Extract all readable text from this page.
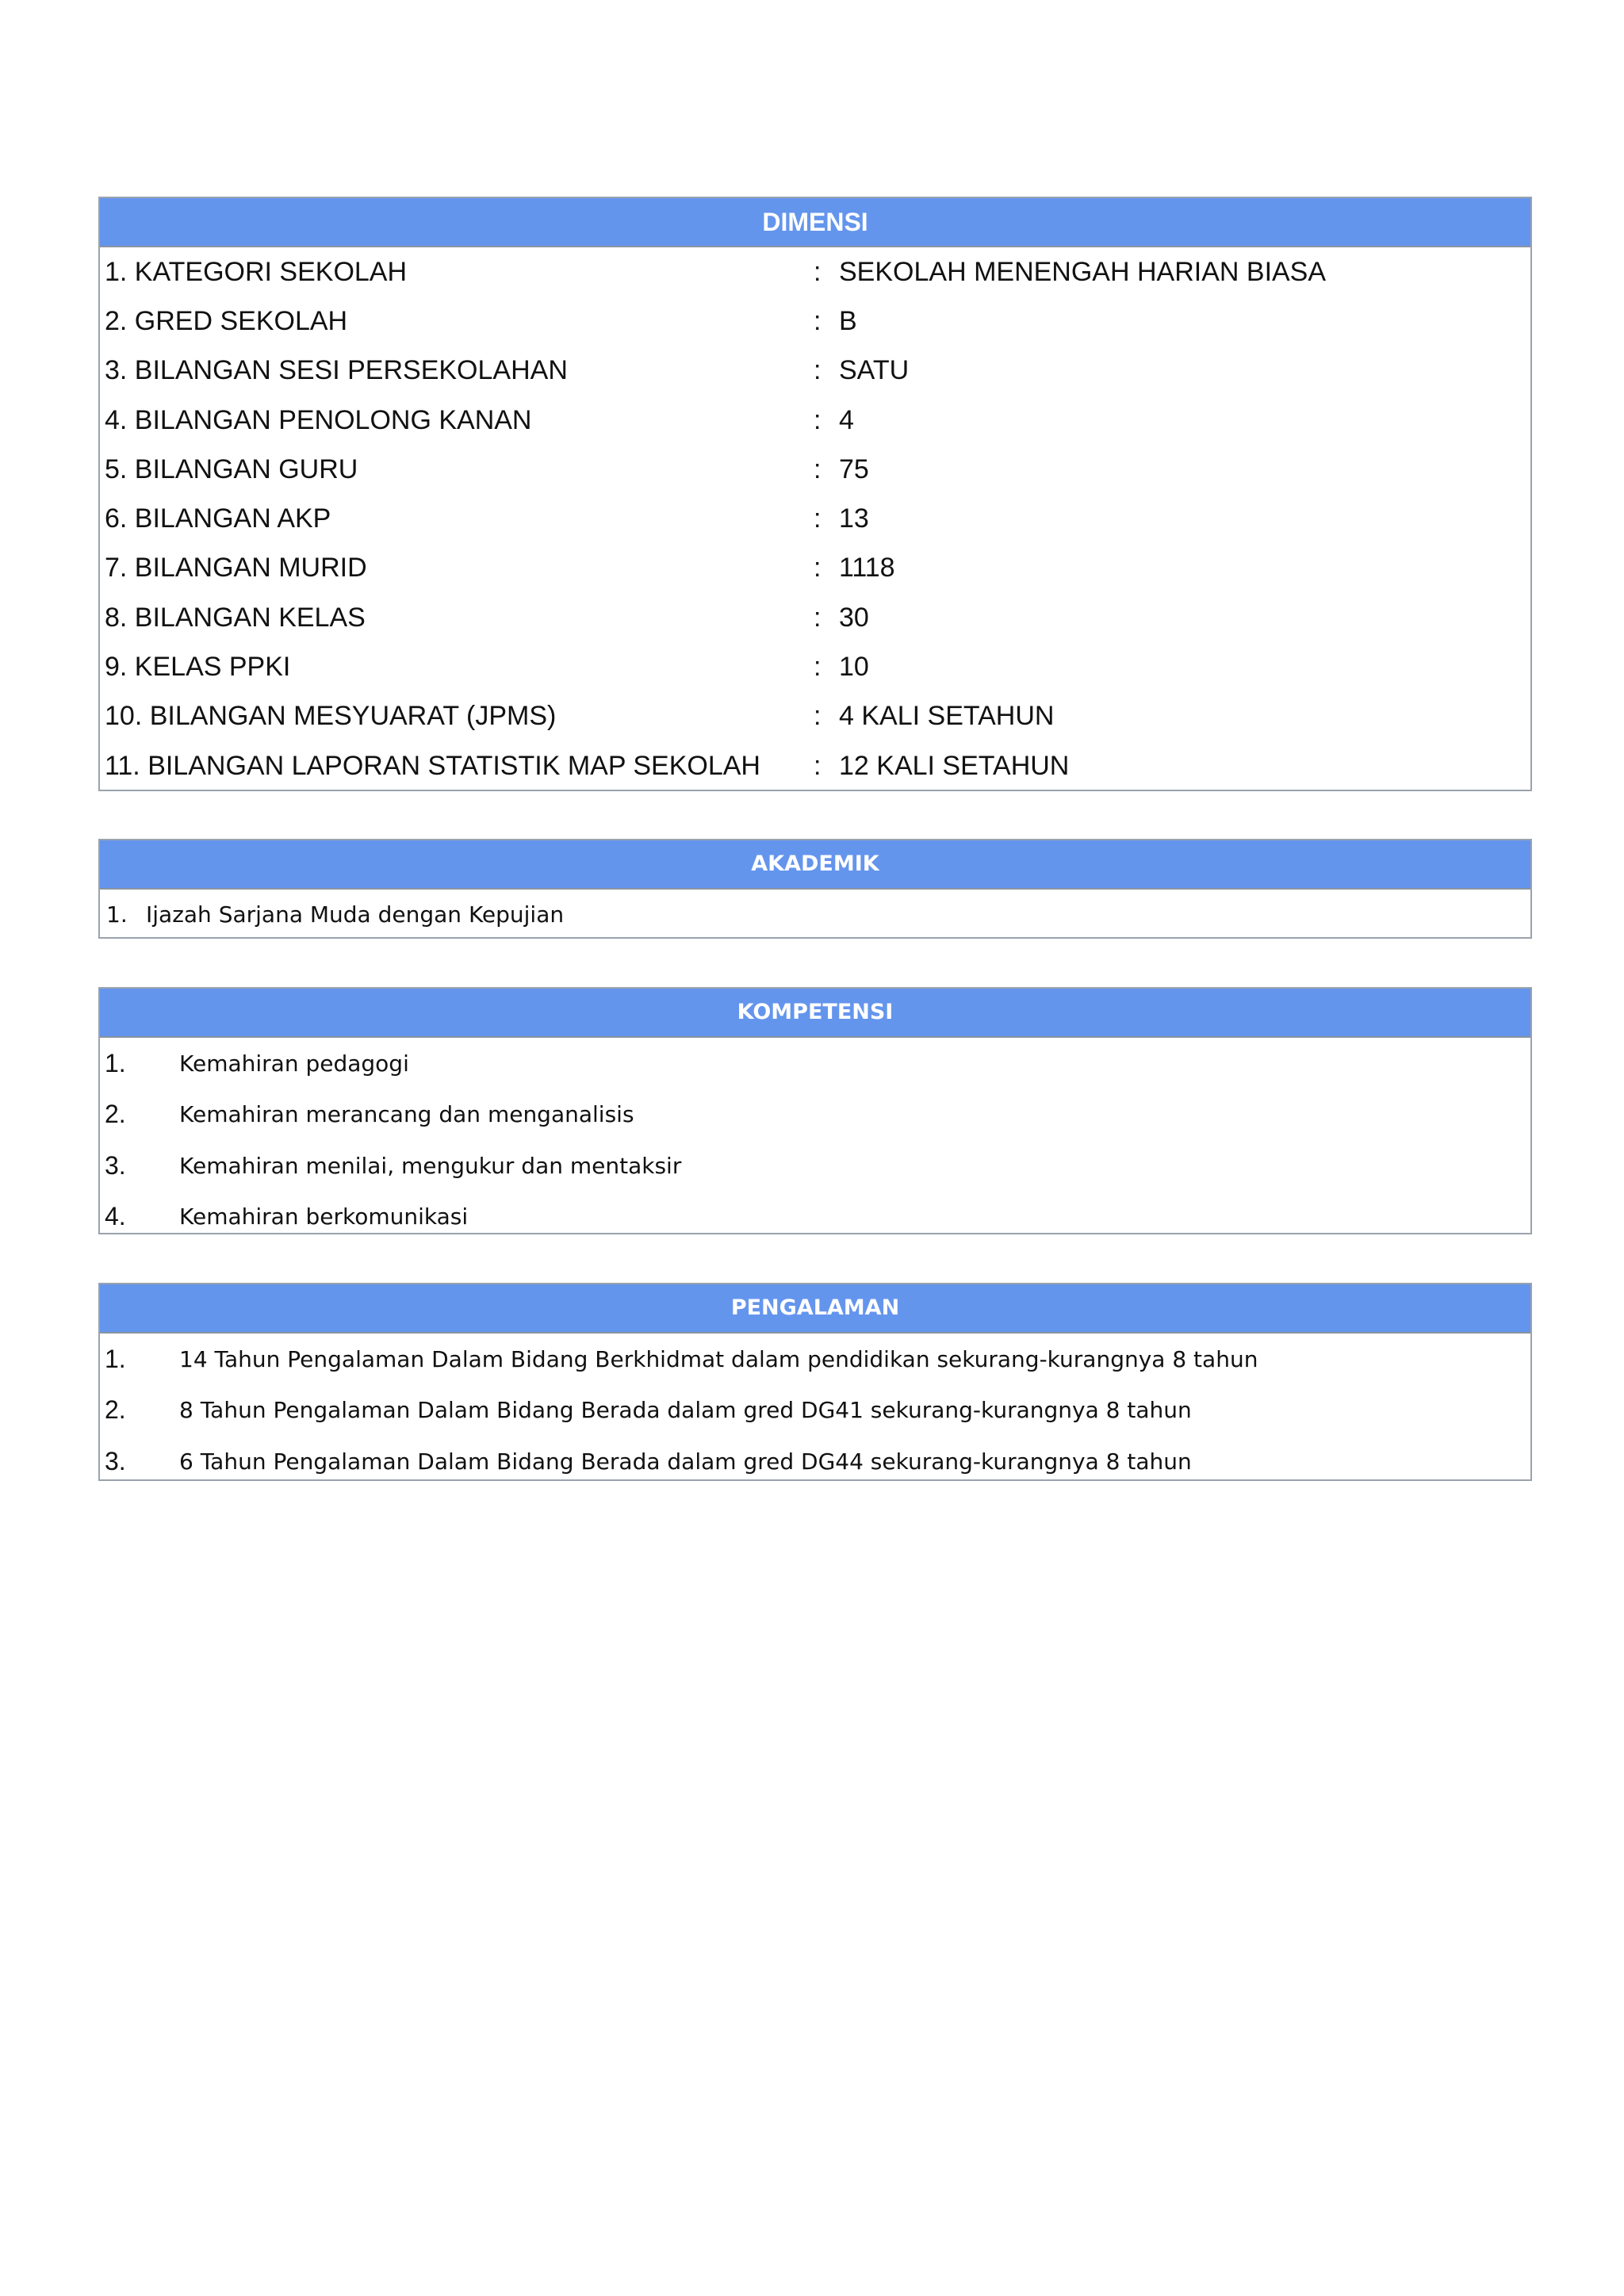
DIMENSI
1. KATEGORI SEKOLAH	: SEKOLAH MENENGAH HARIAN BIASA
2. GRED SEKOLAH	: B
3. BILANGAN SESI PERSEKOLAHAN	: SATU
4. BILANGAN PENOLONG KANAN	: 4
5. BILANGAN GURU	: 75
6. BILANGAN AKP	: 13
7. BILANGAN MURID	: 1118
8. BILANGAN KELAS	: 30
9. KELAS PPKI	: 10
10. BILANGAN MESYUARAT (JPMS)	: 4 KALI SETAHUN
11. BILANGAN LAPORAN STATISTIK MAP SEKOLAH	: 12 KALI SETAHUN
AKADEMIK
1. Ijazah Sarjana Muda dengan Kepujian
KOMPETENSI
1.	Kemahiran pedagogi
2.	Kemahiran merancang dan menganalisis
3.	Kemahiran menilai, mengukur dan mentaksir
4.	Kemahiran berkomunikasi
PENGALAMAN
1.	14 Tahun Pengalaman Dalam Bidang Berkhidmat dalam pendidikan sekurang-kurangnya 8 tahun
2.	8 Tahun Pengalaman Dalam Bidang Berada dalam gred DG41 sekurang-kurangnya 8 tahun
3.	6 Tahun Pengalaman Dalam Bidang Berada dalam gred DG44 sekurang-kurangnya 8 tahun
